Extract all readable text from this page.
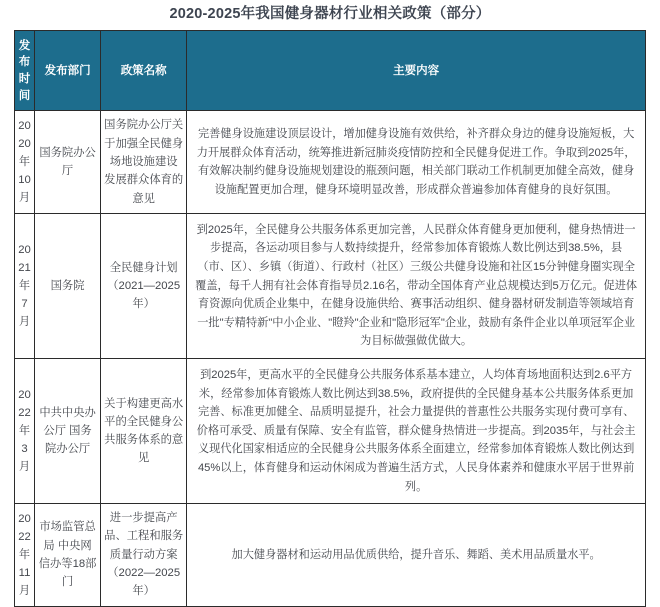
2020-2025年我国健身器材行业相关政策（部分）
发布时间	发布部门	政策名称	主要内容
2020年10月	国务院办公厅	国务院办公厅关于加强全民健身场地设施建设 发展群众体育的意见	完善健身设施建设顶层设计，增加健身设施有效供给，补齐群众身边的健身设施短板，大力开展群众体育活动，统筹推进新冠肺炎疫情防控和全民健身促进工作。争取到2025年，有效解决制约健身设施规划建设的瓶颈问题，相关部门联动工作机制更加健全高效，健身设施配置更加合理，健身环境明显改善，形成群众普遍参加体育健身的良好氛围。
2021年7月	国务院	全民健身计划（2021—2025年）	到2025年，全民健身公共服务体系更加完善，人民群众体育健身更加便利，健身热情进一步提高，各运动项目参与人数持续提升，经常参加体育锻炼人数比例达到38.5%，县（市、区）、乡镇（街道）、行政村（社区）三级公共健身设施和社区15分钟健身圈实现全覆盖，每千人拥有社会体育指导员2.16名，带动全国体育产业总规模达到5万亿元。促进体育资源向优质企业集中，在健身设施供给、赛事活动组织、健身器材研发制造等领域培育一批"专精特新"中小企业、"瞪羚"企业和"隐形冠军"企业，鼓励有条件企业以单项冠军企业为目标做强做优做大。
2022年3月	中共中央办公厅 国务院办公厅	关于构建更高水平的全民健身公共服务体系的意见	到2025年，更高水平的全民健身公共服务体系基本建立，人均体育场地面积达到2.6平方米，经常参加体育锻炼人数比例达到38.5%，政府提供的全民健身基本公共服务体系更加完善、标准更加健全、品质明显提升，社会力量提供的普惠性公共服务实现付费可享有、价格可承受、质量有保障、安全有监管，群众健身热情进一步提高。到2035年，与社会主义现代化国家相适应的全民健身公共服务体系全面建立，经常参加体育锻炼人数比例达到45%以上，体育健身和运动休闲成为普遍生活方式，人民身体素养和健康水平居于世界前列。
2022年11月	市场监管总局 中央网信办等18部门	进一步提高产品、工程和服务质量行动方案（2022—2025年）	加大健身器材和运动用品优质供给，提升音乐、舞蹈、美术用品质量水平。
